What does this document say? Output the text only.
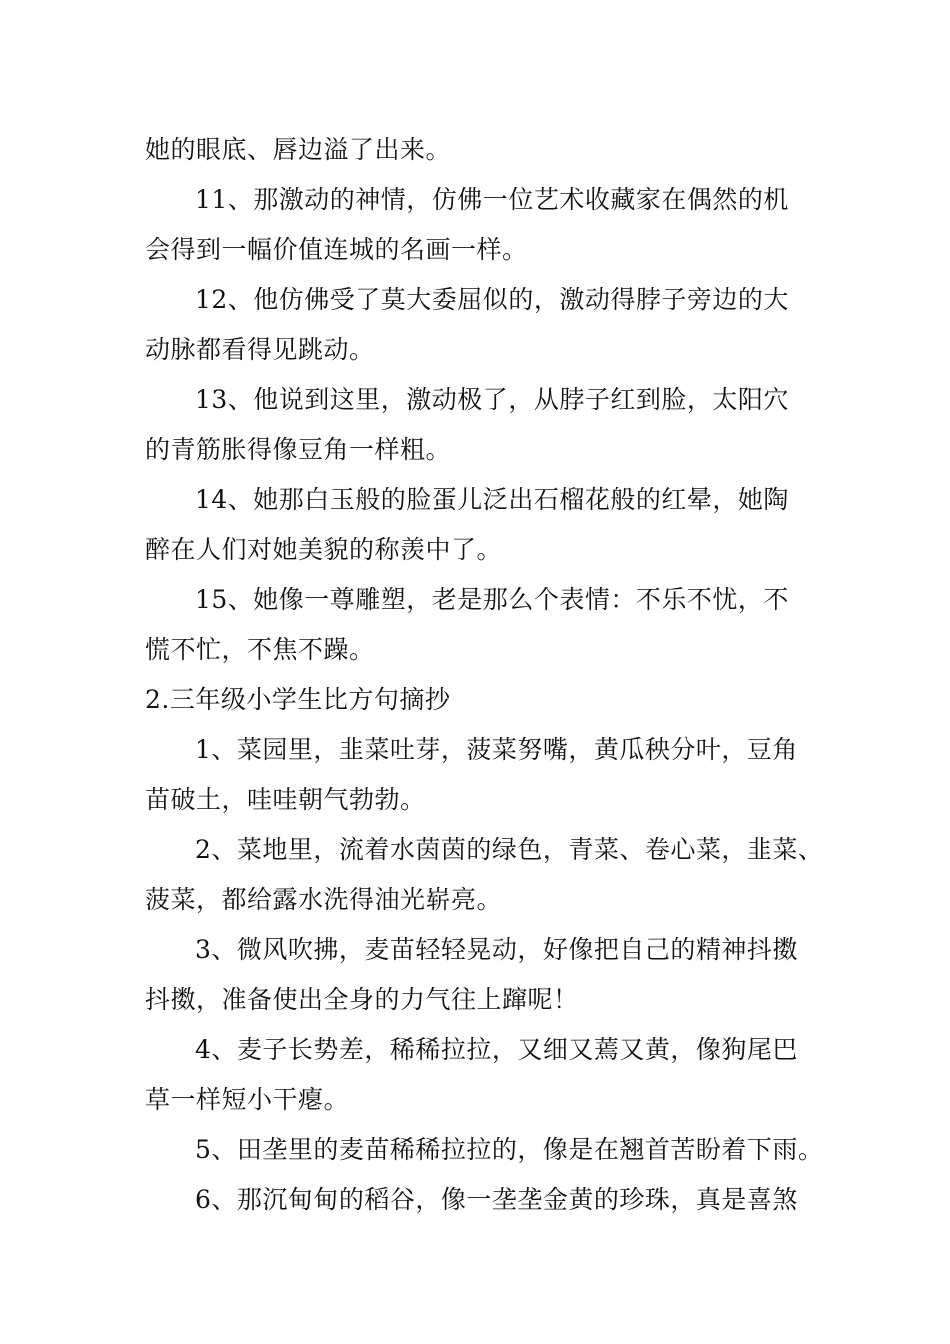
她的眼底、唇边溢了出来。
11、那激动的神情，仿佛一位艺术收藏家在偶然的机
会得到一幅价值连城的名画一样。
12、他仿佛受了莫大委屈似的，激动得脖子旁边的大
动脉都看得见跳动。
13、他说到这里，激动极了，从脖子红到脸，太阳穴
的青筋胀得像豆角一样粗。
14、她那白玉般的脸蛋儿泛出石榴花般的红晕，她陶
醉在人们对她美貌的称羡中了。
15、她像一尊雕塑，老是那么个表情：不乐不忧，不
慌不忙，不焦不躁。
2.三年级小学生比方句摘抄
1、菜园里，韭菜吐芽，菠菜努嘴，黄瓜秧分叶，豆角
苗破土，哇哇朝气勃勃。
2、菜地里，流着水茵茵的绿色，青菜、卷心菜，韭菜、
菠菜，都给露水洗得油光崭亮。
3、微风吹拂，麦苗轻轻晃动，好像把自己的精神抖擞
抖擞，准备使出全身的力气往上蹿呢！
4、麦子长势差，稀稀拉拉，又细又蔫又黄，像狗尾巴
草一样短小干瘪。
5、田垄里的麦苗稀稀拉拉的，像是在翘首苦盼着下雨。
6、那沉甸甸的稻谷，像一垄垄金黄的珍珠，真是喜煞
